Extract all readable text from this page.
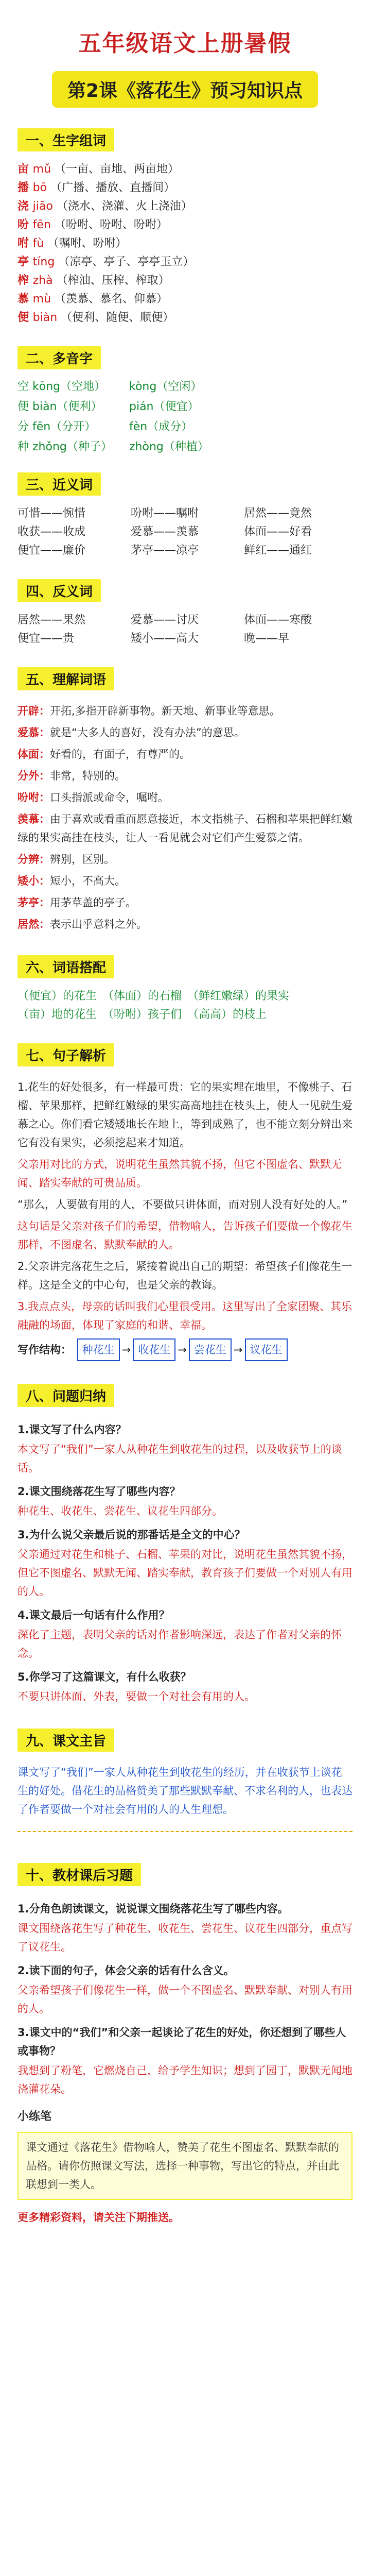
五年级语文上册暑假
第2课《落花生》预习知识点
一、生字组词
亩 mǔ （一亩、亩地、两亩地）
播 bō （广播、播放、直播间）
浇 jiāo （浇水、浇灌、火上浇油）
吩 fēn （吩咐、吩咐、吩咐）
咐 fù （嘱咐、吩咐）
亭 tíng （凉亭、亭子、亭亭玉立）
榨 zhà （榨油、压榨、榨取）
慕 mù （羡慕、慕名、仰慕）
便 biàn （便利、随便、顺便）
二、多音字
空 kōng（空地）	kòng（空闲）
便 biàn（便利）	pián（便宜）
分 fēn（分开）	fèn（成分）
种 zhǒng（种子）	zhòng（种植）
三、近义词
可惜——惋惜	吩咐——嘱咐	居然——竟然
收获——收成	爱慕——羡慕	体面——好看
便宜——廉价	茅亭——凉亭	鲜红——通红
四、反义词
居然——果然	爱慕——讨厌	体面——寒酸
便宜——贵	矮小——高大	晚——早
五、理解词语
开辟：开拓,多指开辟新事物。新天地、新事业等意思。
爱慕：就是“大多人的喜好，没有办法”的意思。
体面：好看的，有面子，有尊严的。
分外：非常，特别的。
吩咐：口头指派或命令，嘱咐。
羡慕：由于喜欢或看重而愿意接近，本文指桃子、石榴和苹果把鲜红嫩绿的果实高挂在枝头，让人一看见就会对它们产生爱慕之情。
分辨：辨别，区别。
矮小：短小，不高大。
茅亭：用茅草盖的亭子。
居然：表示出乎意料之外。
六、词语搭配
（便宜）的花生　（体面）的石榴　（鲜红嫩绿）的果实
（亩）地的花生　（吩咐）孩子们　（高高）的枝上
七、句子解析
1.花生的好处很多，有一样最可贵：它的果实埋在地里，不像桃子、石榴、苹果那样，把鲜红嫩绿的果实高高地挂在枝头上，使人一见就生爱慕之心。你们看它矮矮地长在地上，等到成熟了，也不能立刻分辨出来它有没有果实，必须挖起来才知道。
父亲用对比的方式，说明花生虽然其貌不扬，但它不图虚名、默默无闻、踏实奉献的可贵品质。
“那么，人要做有用的人，不要做只讲体面，而对别人没有好处的人。”
这句话是父亲对孩子们的希望，借物喻人，告诉孩子们要做一个像花生那样，不图虚名、默默奉献的人。
2.父亲讲完落花生之后，紧接着说出自己的期望：希望孩子们像花生一样。这是全文的中心句，也是父亲的教诲。
3.我点点头，母亲的话叫我们心里很受用。这里写出了全家团聚、其乐融融的场面，体现了家庭的和谐、幸福。
写作结构： 种花生 → 收花生 → 尝花生 → 议花生
八、问题归纳
1.课文写了什么内容？
本文写了“我们”一家人从种花生到收花生的过程，以及收获节上的谈话。
2.课文围绕落花生写了哪些内容？
种花生、收花生、尝花生、议花生四部分。
3.为什么说父亲最后说的那番话是全文的中心？
父亲通过对花生和桃子、石榴、苹果的对比，说明花生虽然其貌不扬，但它不图虚名、默默无闻、踏实奉献，教育孩子们要做一个对别人有用的人。
4.课文最后一句话有什么作用？
深化了主题，表明父亲的话对作者影响深远，表达了作者对父亲的怀念。
5.你学习了这篇课文，有什么收获？
不要只讲体面、外表，要做一个对社会有用的人。
九、课文主旨
课文写了“我们”一家人从种花生到收花生的经历，并在收获节上谈花生的好处。借花生的品格赞美了那些默默奉献、不求名利的人，也表达了作者要做一个对社会有用的人的人生理想。
十、教材课后习题
1.分角色朗读课文，说说课文围绕落花生写了哪些内容。
课文围绕落花生写了种花生、收花生、尝花生、议花生四部分，重点写了议花生。
2.读下面的句子，体会父亲的话有什么含义。
父亲希望孩子们像花生一样，做一个不图虚名、默默奉献、对别人有用的人。
3.课文中的“我们”和父亲一起谈论了花生的好处，你还想到了哪些人或事物？
我想到了粉笔，它燃烧自己，给予学生知识；想到了园丁，默默无闻地浇灌花朵。
小练笔
课文通过《落花生》借物喻人，赞美了花生不图虚名、默默奉献的品格。请你仿照课文写法，选择一种事物，写出它的特点，并由此联想到一类人。
更多精彩资料，请关注下期推送。
